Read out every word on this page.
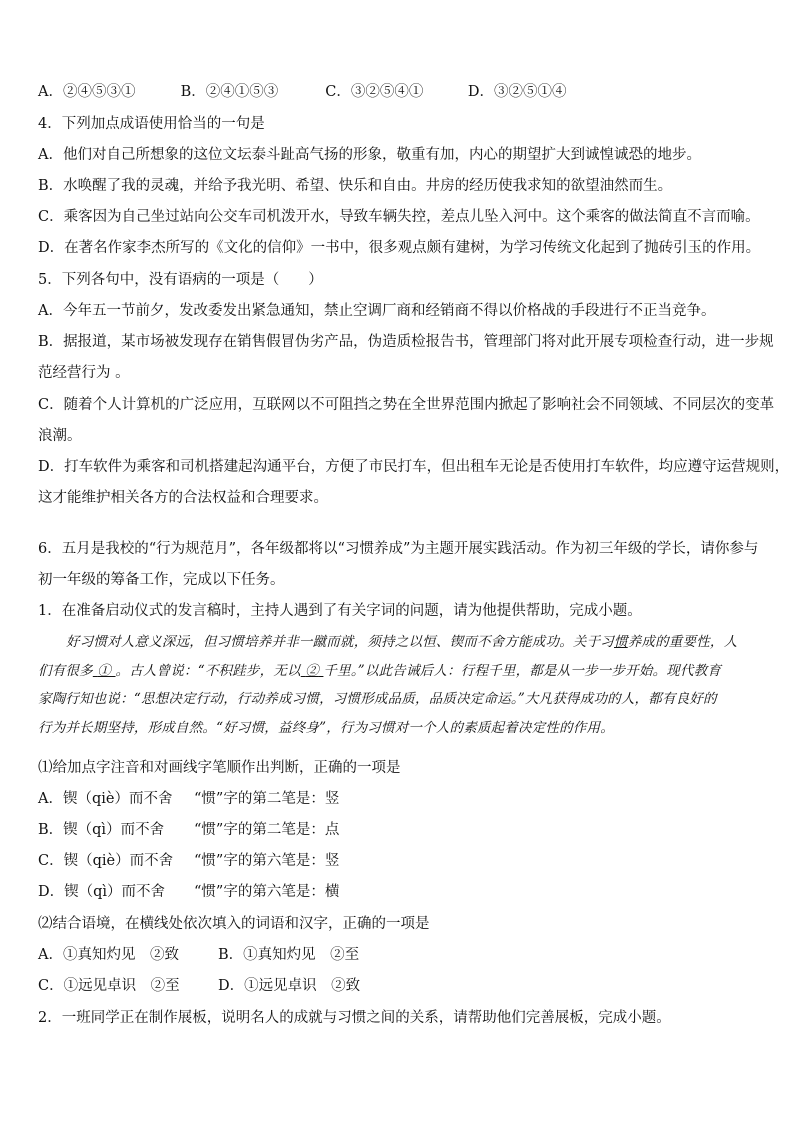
A．②④⑤③①	B．②④①⑤③	C．③②⑤④①	D．③②⑤①④
4．下列加点成语使用恰当的一句是
A．他们对自己所想象的这位文坛泰斗趾高气扬的形象，敬重有加，内心的期望扩大到诚惶诚恐的地步。
B．水唤醒了我的灵魂，并给予我光明、希望、快乐和自由。井房的经历使我求知的欲望油然而生。
C．乘客因为自己坐过站向公交车司机泼开水，导致车辆失控，差点儿坠入河中。这个乘客的做法简直不言而喻。
D．在著名作家李杰所写的《文化的信仰》一书中，很多观点颇有建树，为学习传统文化起到了抛砖引玉的作用。
5．下列各句中，没有语病的一项是（　　）
A．今年五一节前夕，发改委发出紧急通知，禁止空调厂商和经销商不得以价格战的手段进行不正当竞争。
B．据报道，某市场被发现存在销售假冒伪劣产品，伪造质检报告书，管理部门将对此开展专项检查行动，进一步规
范经营行为 。
C．随着个人计算机的广泛应用，互联网以不可阻挡之势在全世界范围内掀起了影响社会不同领域、不同层次的变革
浪潮。
D．打车软件为乘客和司机搭建起沟通平台，方便了市民打车，但出租车无论是否使用打车软件，均应遵守运营规则，
这才能维护相关各方的合法权益和合理要求。
6．五月是我校的“行为规范月”，各年级都将以“习惯养成”为主题开展实践活动。作为初三年级的学长，请你参与
初一年级的筹备工作，完成以下任务。
1．在准备启动仪式的发言稿时，主持人遇到了有关字词的问题，请为他提供帮助，完成小题。
好习惯对人意义深远，但习惯培养并非一蹴而就，须持之以恒、锲而不舍方能成功。关于习惯养成的重要性，人
们有很多 ① 。古人曾说：“不积跬步，无以 ② 千里。”以此告诫后人：行程千里，都是从一步一步开始。现代教育
家陶行知也说：“思想决定行动，行动养成习惯，习惯形成品质，品质决定命运。”大凡获得成功的人，都有良好的
行为并长期坚持，形成自然。“好习惯，益终身”，行为习惯对一个人的素质起着决定性的作用。
⑴给加点字注音和对画线字笔顺作出判断，正确的一项是
A．锲（qiè）而不舍 “惯”字的第二笔是：竖
B．锲（qì）而不舍 “惯”字的第二笔是：点
C．锲（qiè）而不舍 “惯”字的第六笔是：竖
D．锲（qì）而不舍 “惯”字的第六笔是：横
⑵结合语境，在横线处依次填入的词语和汉字，正确的一项是
A．①真知灼见　②致	B．①真知灼见　②至
C．①远见卓识　②至	D．①远见卓识　②致
2．一班同学正在制作展板，说明名人的成就与习惯之间的关系，请帮助他们完善展板，完成小题。
